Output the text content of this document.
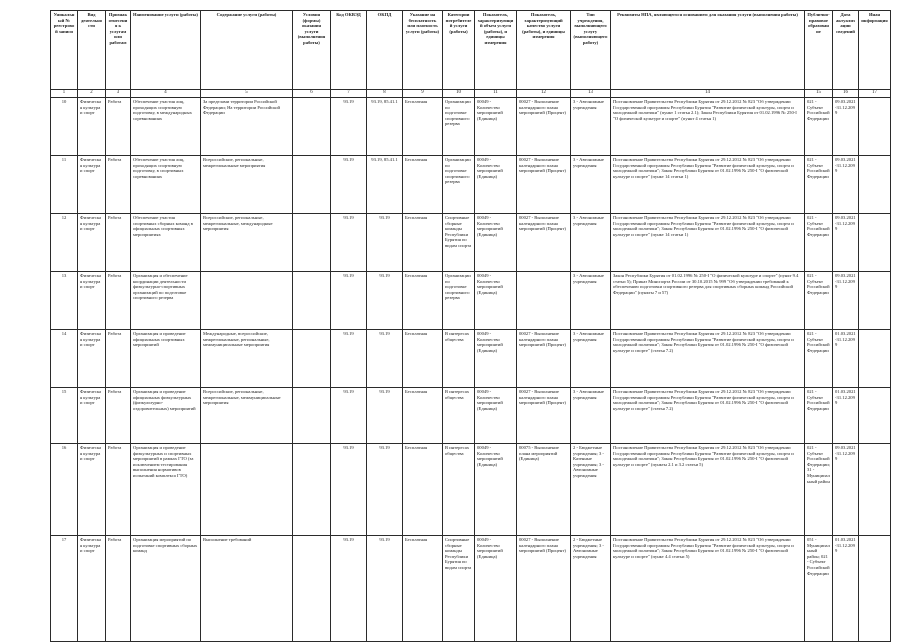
Уникальный № реестровой записи	Вид деятельности	Признак отнесения к услугам или работам	Наименование услуги (работы)	Содержание услуги (работы)	Условия (формы) оказания услуги (выполнения работы)	Код ОКВЭД	ОКПД	Указание на бесплатность или платность услуги (работы)	Категории потребителей услуги (работы)	Показатель, характеризующий объем услуги (работы), и единицы измерения	Показатель, характеризующий качество услуги (работы), и единицы измерения	Тип учреждения, выполняющего услугу (выполняющего работу)	Реквизиты НПА, являющегося основанием для оказания услуги (выполнения работы)	Публично-правовое образование	Дата актуализации сведений	Иная информация
1	2	3	4	5	6	7	8	9	10	11	12	13	14	15	16	17
10	Физическая культура и спорт	Работа	Обеспечение участия лиц, проходящих спортивную подготовку, в международных соревнованиях	За пределами территории Российской Федерации; На территории Российской Федерации		93.19	93.19, 85.41.1	Бесплатная	Организации по подготовке спортивного резерва	00049 - Количество мероприятий (Единица)	00027 - Выполнение календарного плана мероприятий (Процент)	3 - Автономные учреждения	Постановление Правительства Республики Бурятия от 29.12.2012 № 823 "Об утверждении Государственной программы Республики Бурятия "Развитие физической культуры, спорта и молодежной политики" (пункт 1 статья 2.1); Закон Республики Бурятия от 01.02.1996 № 250-I "О физической культуре и спорте" (пункт 4 статья 1)	021 - Субъект Российской Федерации	09.03.2021-31.12.2099	
11	Физическая культура и спорт	Работа	Обеспечение участия лиц, проходящих спортивную подготовку, в спортивных соревнованиях	Всероссийские, региональные, межрегиональные мероприятия		93.19	93.19, 85.41.1	Бесплатная	Организации по подготовке спортивного резерва	00049 - Количество мероприятий (Единица)	00027 - Выполнение календарного плана мероприятий (Процент)	3 - Автономные учреждения	Постановление Правительства Республики Бурятия от 29.12.2012 № 823 "Об утверждении Государственной программы Республики Бурятия "Развитие физической культуры, спорта и молодежной политики"; Закон Республики Бурятия от 01.02.1996 № 250-I "О физической культуре и спорте" (пункт 14 статьи 1)	021 - Субъект Российской Федерации	09.03.2021-31.12.2099	
12	Физическая культура и спорт	Работа	Обеспечение участия спортивных сборных команд в официальных спортивных мероприятиях	Всероссийские, региональные, межрегиональные, международные мероприятия		93.19	93.19	Бесплатная	Спортивные сборные команды Республики Бурятия по видам спорта	00049 - Количество мероприятий (Единица)	00027 - Выполнение календарного плана мероприятий (Процент)	3 - Автономные учреждения	Постановление Правительства Республики Бурятия от 29.12.2012 № 823 "Об утверждении Государственной программы Республики Бурятия "Развитие физической культуры, спорта и молодежной политики"; Закон Республики Бурятия от 01.02.1996 № 250-I "О физической культуре и спорте" (пункт 14 статьи 1)	021 - Субъект Российской Федерации	09.03.2021-31.12.2099	
13	Физическая культура и спорт	Работа	Организация и обеспечение координации деятельности физкультурно-спортивных организаций по подготовке спортивного резерва			93.19	93.19	Бесплатная	Организации по подготовке спортивного резерва	00049 - Количество мероприятий (Единица)		3 - Автономные учреждения	Закон Республики Бурятия от 01.02.1996 № 250-I "О физической культуре и спорте" (пункт 9.4 статьи 5); Приказ Минспорта России от 30.10.2015 № 999 "Об утверждении требований к обеспечению подготовки спортивного резерва для спортивных сборных команд Российской Федерации" (пункты 7 и 57)	021 - Субъект Российской Федерации	09.03.2021-31.12.2099	
14	Физическая культура и спорт	Работа	Организация и проведение официальных спортивных мероприятий	Международные, всероссийские, межрегиональные, региональные, межмуниципальные мероприятия		93.19	93.19	Бесплатная	В интересах общества	00049 - Количество мероприятий (Единица)	00027 - Выполнение календарного плана мероприятий (Процент)	3 - Автономные учреждения	Постановление Правительства Республики Бурятия от 29.12.2012 № 823 "Об утверждении Государственной программы Республики Бурятия "Развитие физической культуры, спорта и молодежной политики"; Закон Республики Бурятия от 01.02.1996 № 250-I "О физической культуре и спорте" (статья 7.2)	021 - Субъект Российской Федерации	01.03.2021-31.12.2099	
15	Физическая культура и спорт	Работа	Организация и проведение официальных физкультурных (физкультурно-оздоровительных) мероприятий	Всероссийские, региональные, межрегиональные, межмуниципальные мероприятия		93.19	93.19	Бесплатная	В интересах общества	00049 - Количество мероприятий (Единица)	00027 - Выполнение календарного плана мероприятий (Процент)	3 - Автономные учреждения	Постановление Правительства Республики Бурятия от 29.12.2012 № 823 "Об утверждении Государственной программы Республики Бурятия "Развитие физической культуры, спорта и молодежной политики"; Закон Республики Бурятия от 01.02.1996 № 250-I "О физической культуре и спорте" (статья 7.2)	021 - Субъект Российской Федерации	01.03.2021-31.12.2099	
16	Физическая культура и спорт	Работа	Организация и проведение физкультурных и спортивных мероприятий в рамках ГТО (за исключением тестирования выполнения нормативов испытаний комплекса ГТО)			93.19	93.19	Бесплатная	В интересах общества	00049 - Количество мероприятий (Единица)	00075 - Выполнение плана мероприятий (Единица)	2 - Бюджетные учреждения; 3 - Казенные учреждения; 3 - Автономные учреждения	Постановление Правительства Республики Бурятия от 29.12.2012 № 823 "Об утверждении Государственной программы Республики Бурятия "Развитие физической культуры, спорта и молодежной политики"; Закон Республики Бурятия от 01.02.1996 № 250-I "О физической культуре и спорте" (пункты 2.1 и 3.2 статьи 5)	021 - Субъект Российской Федерации; 31 - Муниципальный район	09.03.2021-31.12.2099	
17	Физическая культура и спорт	Работа	Организация мероприятий по подготовке спортивных сборных команд	Выполнение требований		93.19	93.19	Бесплатная	Спортивные сборные команды Республики Бурятия по видам спорта	00049 - Количество мероприятий (Единица)	00027 - Выполнение календарного плана мероприятий (Процент)	2 - Бюджетные учреждения; 3 - Автономные учреждения	Постановление Правительства Республики Бурятия от 29.12.2012 № 823 "Об утверждении Государственной программы Республики Бурятия "Развитие физической культуры, спорта и молодежной политики"; Закон Республики Бурятия от 01.02.1996 № 250-I "О физической культуре и спорте" (пункт 4.4 статьи 5)	051 - Муниципальный район; 021 - Субъект Российской Федерации	01.03.2021-31.12.2099	
